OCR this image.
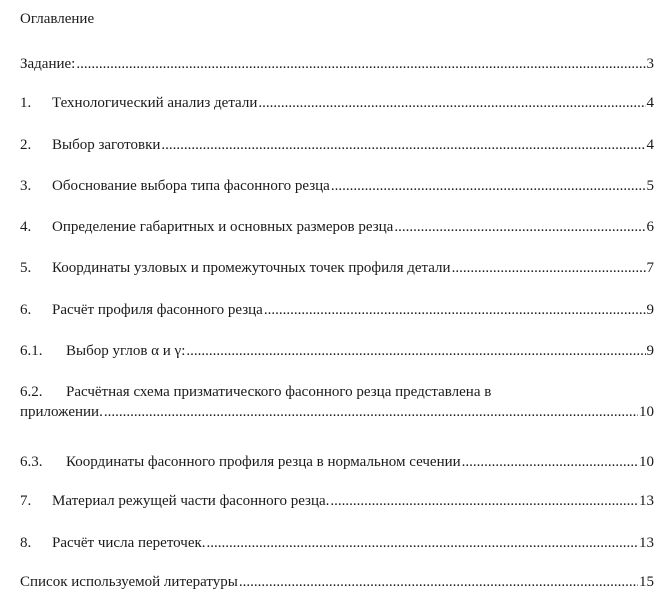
Оглавление
Задание: .....	3
1.	Технологический анализ детали .....	4
2.	Выбор заготовки .....	4
3.	Обоснование выбора типа фасонного резца .....	5
4.	Определение габаритных и основных размеров резца .....	6
5.	Координаты узловых и промежуточных точек профиля детали .....	7
6.	Расчёт профиля фасонного резца .....	9
6.1.	Выбор углов α и γ: .....	9
6.2. Расчётная схема призматического фасонного резца представлена в
приложении. .....	10
6.3.	Координаты фасонного профиля резца в нормальном сечении .....	10
7.	Материал режущей части фасонного резца. .....	13
8.	Расчёт числа переточек. .....	13
Список используемой литературы .....	15
